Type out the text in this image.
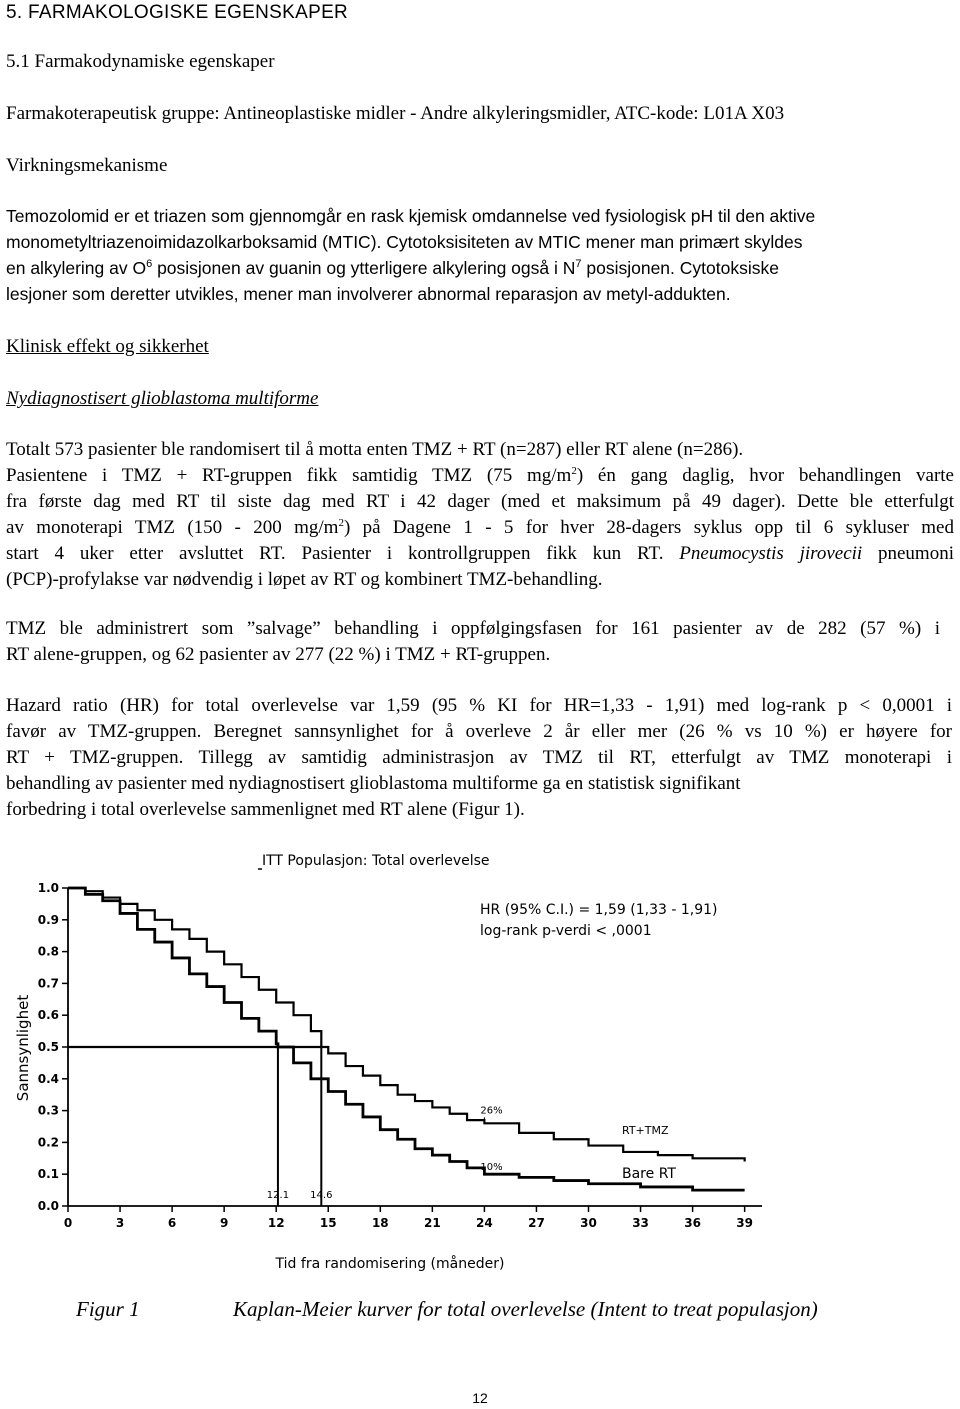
5. FARMAKOLOGISKE EGENSKAPER
5.1 Farmakodynamiske egenskaper
Farmakoterapeutisk gruppe: Antineoplastiske midler - Andre alkyleringsmidler, ATC-kode: L01A X03
Virkningsmekanisme
Temozolomid er et triazen som gjennomgår en rask kjemisk omdannelse ved fysiologisk pH til den aktive
monometyltriazenoimidazolkarboksamid (MTIC). Cytotoksisiteten av MTIC mener man primært skyldes
en alkylering av $O^6$ posisjonen av guanin og ytterligere alkylering også i $N^7$ posisjonen. Cytotoksiske
lesjoner som deretter utvikles, mener man involverer abnormal reparasjon av metyl-addukten.
Klinisk effekt og sikkerhet
Nydiagnostisert glioblastoma multiforme
Totalt 573 pasienter ble randomisert til å motta enten TMZ + RT (n=287) eller RT alene (n=286).
Pasientene i TMZ + RT-gruppen fikk samtidig TMZ (75 $mg/m^2$) én gang daglig, hvor behandlingen varte
fra første dag med RT til siste dag med RT i 42 dager (med et maksimum på 49 dager). Dette ble etterfulgt
av monoterapi TMZ (150 - 200 $mg/m^2$) på Dagene 1 - 5 for hver 28-dagers syklus opp til 6 sykluser med
start 4 uker etter avsluttet RT. Pasienter i kontrollgruppen fikk kun RT. Pneumocystis jirovecii pneumoni
(PCP)-profylakse var nødvendig i løpet av RT og kombinert TMZ-behandling.
TMZ ble administrert som ”salvage” behandling i oppfølgingsfasen for 161 pasienter av de 282 (57 %) i
RT alene-gruppen, og 62 pasienter av 277 (22 %) i TMZ + RT-gruppen.
Hazard ratio (HR) for total overlevelse var 1,59 (95 % KI for HR=1,33 - 1,91) med log-rank p < 0,0001 i
favør av TMZ-gruppen. Beregnet sannsynlighet for å overleve 2 år eller mer (26 % vs 10 %) er høyere for
RT + TMZ-gruppen. Tillegg av samtidig administrasjon av TMZ til RT, etterfulgt av TMZ monoterapi i
behandling av pasienter med nydiagnostisert glioblastoma multiforme ga en statistisk signifikant
forbedring i total overlevelse sammenlignet med RT alene (Figur 1).
ITT Populasjon: Total overlevelse
0.0
0.1
0.2
0.3
0.4
0.5
0.6
0.7
0.8
0.9
1.0
0	3	6	9	12	15	18	21	24	27	30	33	36	39
12.1 14.6
26%
10%
RT+TMZ
Bare RT
Sannsynlighet
Tid fra randomisering (måneder)
HR (95% C.I.) = 1,59 (1,33 - 1,91)
log-rank p-verdi < ,0001
Figur 1	Kaplan-Meier kurver for total overlevelse (Intent to treat populasjon)
12
